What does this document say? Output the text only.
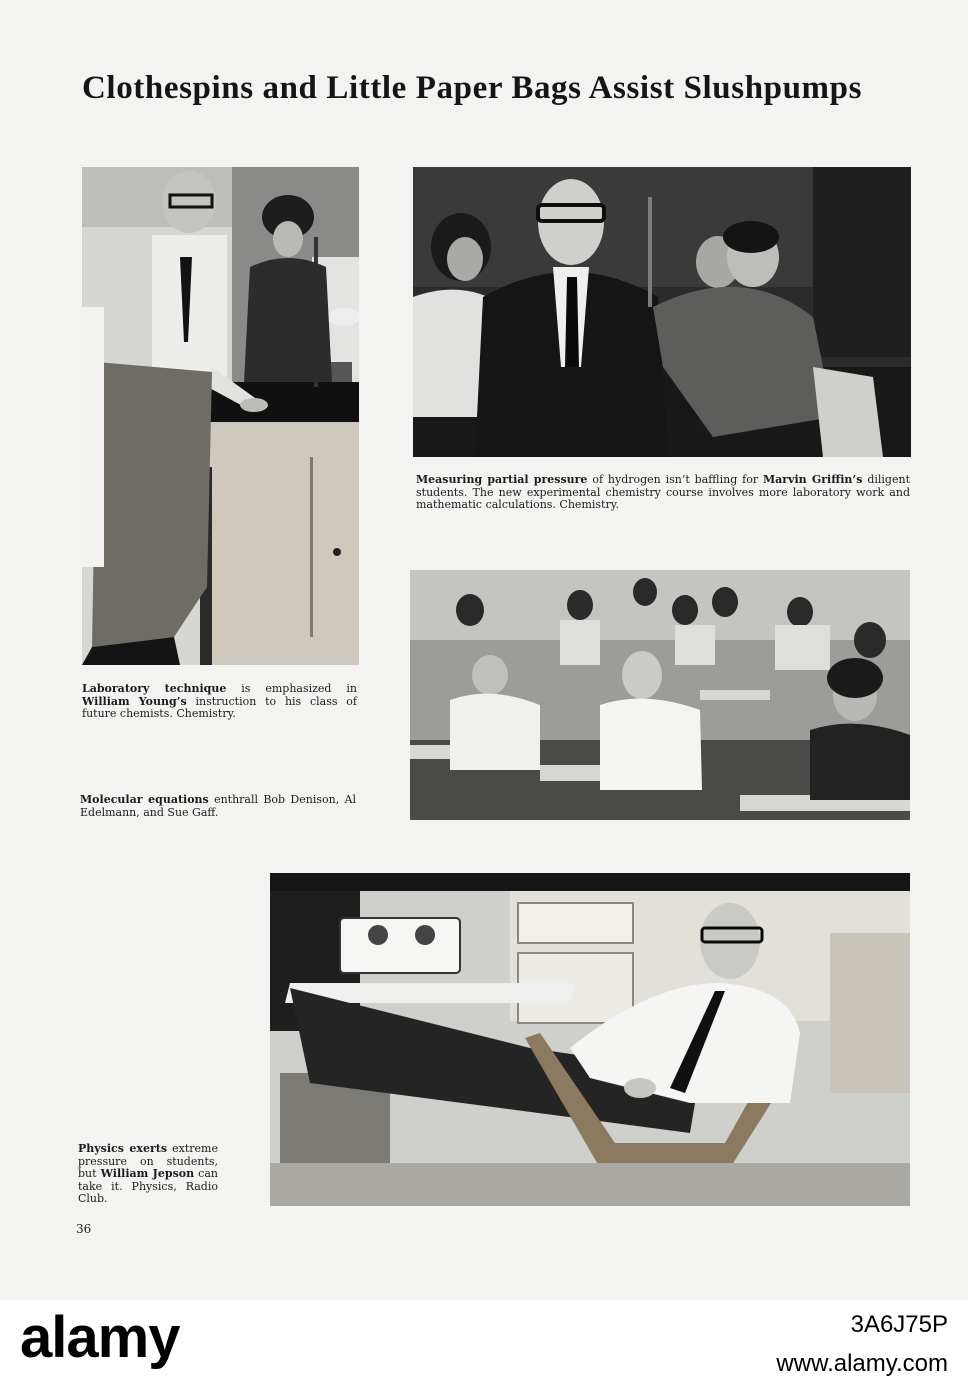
Clothespins and Little Paper Bags Assist Slushpumps

Measuring partial pressure of hydrogen isn’t baffling for Marvin Griffin’s diligent students. The new experimental chemistry course involves more laboratory work and mathematic calculations. Chemistry.

Laboratory technique is emphasized in William Young’s instruction to his class of future chemists. Chemistry.

Molecular equations enthrall Bob Denison, Al Edelmann, and Sue Gaff.

Physics exerts extreme pressure on students, but William Jepson can take it. Physics, Radio Club.

36
alamy	3A6J75P
www.alamy.com
